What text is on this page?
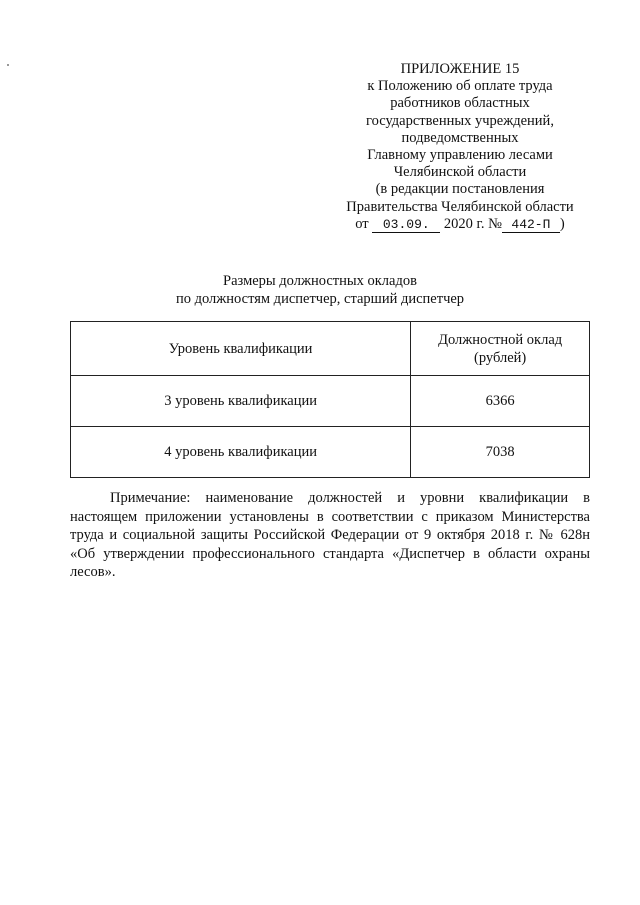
ПРИЛОЖЕНИЕ 15
к Положению об оплате труда
работников областных
государственных учреждений,
подведомственных
Главному управлению лесами
Челябинской области
(в редакции постановления
Правительства Челябинской области
от 03.09. 2020 г. № 442-П )
Размеры должностных окладов
по должностям диспетчер, старший диспетчер
Уровень квалификации	Должностной оклад
(рублей)

3 уровень квалификации	6366
4 уровень квалификации	7038
Примечание: наименование должностей и уровни квалификации в настоящем приложении установлены в соответствии с приказом Министерства труда и социальной защиты Российской Федерации от 9 октября 2018 г. № 628н «Об утверждении профессионального стандарта «Диспетчер в области охраны лесов».
